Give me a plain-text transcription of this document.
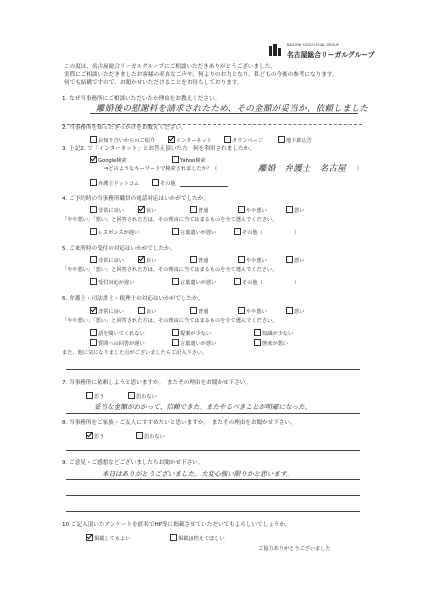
NAGOYA SOGO LEGAL GROUP
名古屋総合リーガルグループ
この度は、名古屋総合リーガルグループにご相談いただきありがとうございました。
実際にご相談いただきましたお客様の率直なご声や、何よりのお力となり、私どもの今後の参考になります。
何でも結構ですので、お聞かせいただけることをお待ちしております。
1. なぜ当事務所にご相談いただいたか理由をお教えください。
離婚後の慰謝料を請求されたため、その金額が妥当か、依頼しました
2. 当事務所を知ったきっかけをお教えください。
お知り合いからのご紹介	インターネット	タウンページ	地下鉄広告
3. 上記2. で「インターネット」とお答え頂いた方　何を利用されましたか。
Google検索	Yahoo検索
⇒どのようなキーワードで検索されましたか？（	離婚　弁護士　名古屋 ）
弁護士ドットコム	その他
4. ご予約時の当事務所職員の電話対応はいかがでしたか。
非常に良い	良い	普通	やや悪い	悪い
「やや悪い」「悪い」と回答された方は、その理由に当てはまるものを全て選んでください。
レスポンスが遅い	言葉遣いが悪い	その他（　　　　　　）
5. ご来所時の受付の対応はいかがでしたか。
非常に良い	良い	普通	やや悪い	悪い
「やや悪い」「悪い」と回答された方は、その理由に当てはまるものを全て選んでください。
受付対応が遅い	言葉遣いが悪い	その他（　　　　　　）
6. 弁護士・司法書士・税理士の対応はいかがでしたか。
非常に良い	良い	普通	やや悪い	悪い
「やや悪い」「悪い」と回答された方は、その理由に当てはまるものを全て選んでください。
話を聞いてくれない	提案が少ない	知識が少ない
質問への回答が遅い	言葉遣いが悪い	態度が悪い
また、他に気になりました点がございましたらご記入下さい。
7. 当事務所に依頼しようと思いますか。　またその理由をお聞かせ下さい。
思う	思わない
妥当な金額がわかって、信頼できた。またやるべきことが明確になった。
8. 当事務所をご家族・ご友人にすすめたいと思いますか。　またその理由をお聞かせ下さい。
思う	思わない
9. ご意見・ご感想などございましたらお聞かせ下さい。
本日はありがとうございました。大変心強い限りかと思います。
10 ご記入頂いたアンケートを匿名でHP等に掲載させていただいてもよろしいでしょうか。
掲載してもよい	掲載は控えてほしい
ご協力ありがとうございました
